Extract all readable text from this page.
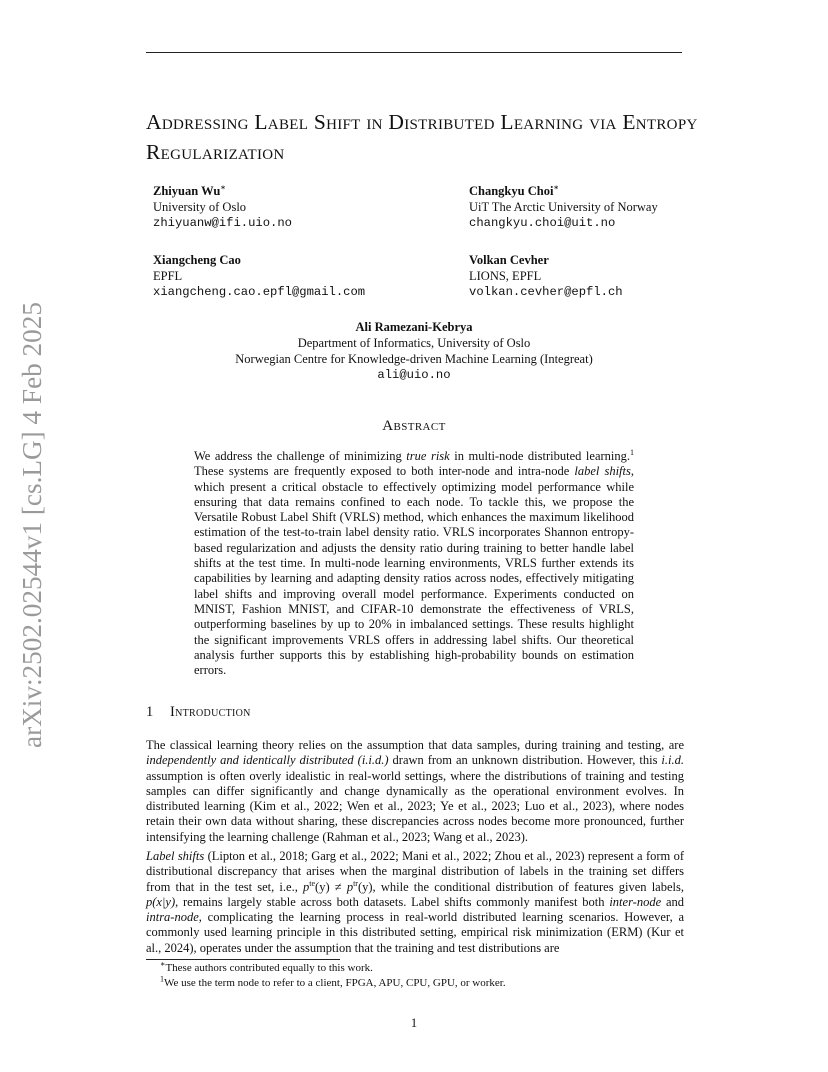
arXiv:2502.02544v1 [cs.LG] 4 Feb 2025
Addressing Label Shift in Distributed Learning via Entropy Regularization
Zhiyuan Wu∗
University of Oslo
zhiyuanw@ifi.uio.no
Changkyu Choi∗
UiT The Arctic University of Norway
changkyu.choi@uit.no
Xiangcheng Cao
EPFL
xiangcheng.cao.epfl@gmail.com
Volkan Cevher
LIONS, EPFL
volkan.cevher@epfl.ch
Ali Ramezani-Kebrya
Department of Informatics, University of Oslo
Norwegian Centre for Knowledge-driven Machine Learning (Integreat)
ali@uio.no
Abstract

We address the challenge of minimizing true risk in multi-node distributed learning.$^1$ These systems are frequently exposed to both inter-node and intra-node label shifts, which present a critical obstacle to effectively optimizing model performance while ensuring that data remains confined to each node. To tackle this, we propose the Versatile Robust Label Shift (VRLS) method, which enhances the maximum likelihood estimation of the test-to-train label density ratio. VRLS incorporates Shannon entropy-based regularization and adjusts the density ratio during training to better handle label shifts at the test time. In multi-node learning environments, VRLS further extends its capabilities by learning and adapting density ratios across nodes, effectively mitigating label shifts and improving overall model performance. Experiments conducted on MNIST, Fashion MNIST, and CIFAR-10 demonstrate the effectiveness of VRLS, outperforming baselines by up to 20% in imbalanced settings. These results highlight the significant improvements VRLS offers in addressing label shifts. Our theoretical analysis further supports this by establishing high-probability bounds on estimation errors.

1 Introduction

The classical learning theory relies on the assumption that data samples, during training and testing, are independently and identically distributed (i.i.d.) drawn from an unknown distribution. However, this i.i.d. assumption is often overly idealistic in real-world settings, where the distributions of training and testing samples can differ significantly and change dynamically as the operational environment evolves. In distributed learning (Kim et al., 2022; Wen et al., 2023; Ye et al., 2023; Luo et al., 2023), where nodes retain their own data without sharing, these discrepancies across nodes become more pronounced, further intensifying the learning challenge (Rahman et al., 2023; Wang et al., 2023).

Label shifts (Lipton et al., 2018; Garg et al., 2022; Mani et al., 2022; Zhou et al., 2023) represent a form of distributional discrepancy that arises when the marginal distribution of labels in the training set differs from that in the test set, i.e., $p^{te}(y) \ne p^{tr}(y)$, while the conditional distribution of features given labels, p(x|y), remains largely stable across both datasets. Label shifts commonly manifest both inter-node and intra-node, complicating the learning process in real-world distributed learning scenarios. However, a commonly used learning principle in this distributed setting, empirical risk minimization (ERM) (Kur et al., 2024), operates under the assumption that the training and test distributions are

∗These authors contributed equally to this work.
$^1$We use the term node to refer to a client, FPGA, APU, CPU, GPU, or worker.
1
